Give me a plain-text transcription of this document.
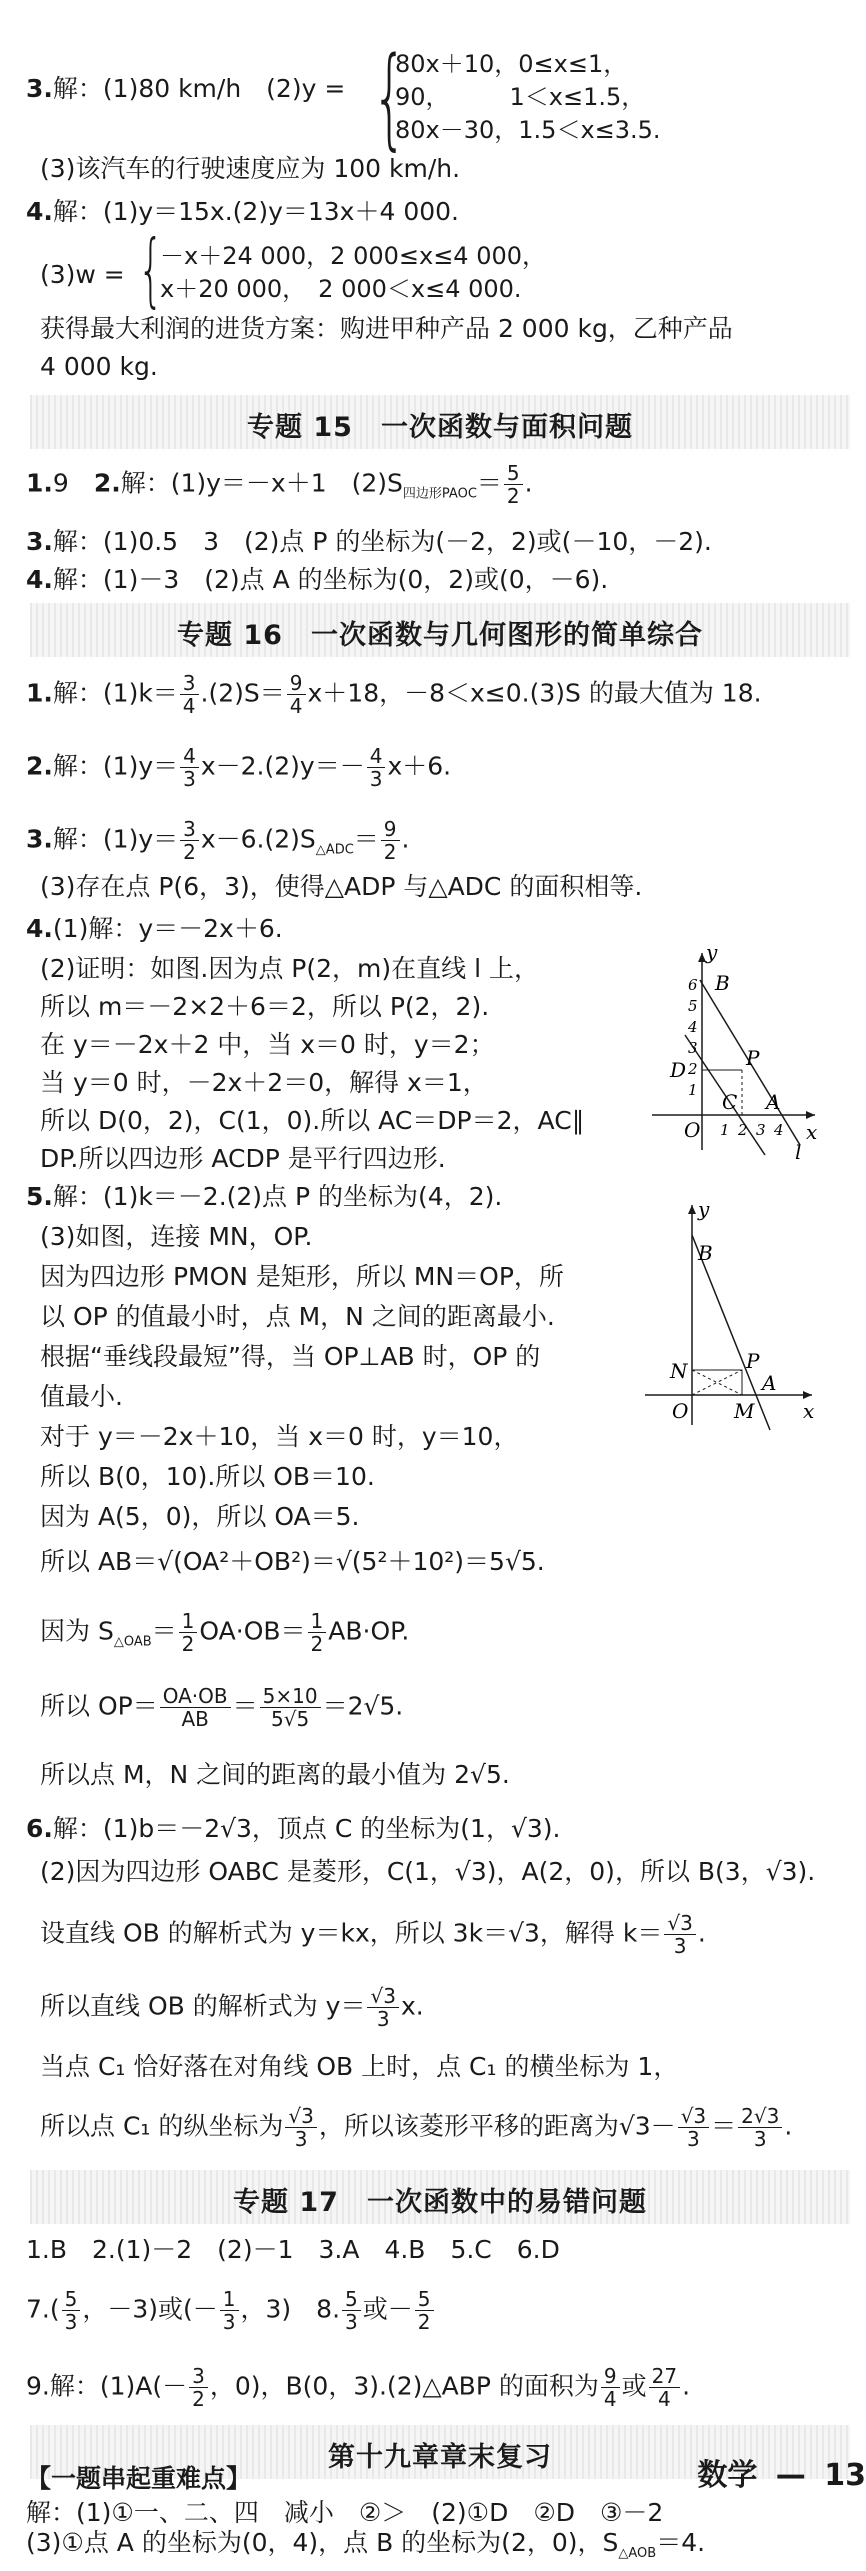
3.解：(1)80 km/h　(2)y = {
80x＋10，0≤x≤1，
90，　　　1＜x≤1.5，
80x－30，1.5＜x≤3.5.
(3)该汽车的行驶速度应为 100 km/h.
4.解：(1)y＝15x.(2)y＝13x＋4 000.
(3)w = {
－x＋24 000，2 000≤x≤4 000，
x＋20 000，　2 000＜x≤4 000.
获得最大利润的进货方案：购进甲种产品 2 000 kg，乙种产品
4 000 kg.
专题 15　一次函数与面积问题
1.9　2.解：(1)y＝－x＋1　$(2)S_{四边形PAOC}= \frac{5}{2}$ .
3.解：(1)0.5　3　(2)点 P 的坐标为(－2，2)或(－10，－2).
4.解：(1)－3　(2)点 A 的坐标为(0，2)或(0，－6).
专题 16　一次函数与几何图形的简单综合
1.解：$(1)k= \frac{3}{4} .(2)S= \frac{9}{4} x+18$，－8＜x≤0.(3)S 的最大值为 18.
2.解：$(1)y= \frac{4}{3} x-2.(2)y=- \frac{4}{3} x+6$.
3.解：$(1)y= \frac{3}{2} x-6.(2)S_{\triangle ADC}= \frac{9}{2}$ .
(3)存在点 P(6，3)，使得△ADP 与△ADC 的面积相等.
4.(1)解：y＝－2x＋6.
(2)证明：如图.因为点 P(2，m)在直线 l 上，
所以 m＝－2×2＋6＝2，所以 P(2，2).
在 y＝－2x＋2 中，当 x＝0 时，y＝2；
当 y＝0 时，－2x＋2＝0，解得 x＝1，
所以 D(0，2)，C(1，0).所以 AC＝DP＝2，AC∥
DP.所以四边形 ACDP 是平行四边形.
y
x
B
P
D
C A
O
l
6
5
4
3
2
1
1 2 3 4
5.解：(1)k＝－2.(2)点 P 的坐标为(4，2).
(3)如图，连接 MN，OP.
因为四边形 PMON 是矩形，所以 MN＝OP，所
以 OP 的值最小时，点 M，N 之间的距离最小.
根据“垂线段最短”得，当 OP⊥AB 时，OP 的
值最小.
对于 y＝－2x＋10，当 x＝0 时，y＝10，
所以 B(0，10).所以 OB＝10.
因为 A(5，0)，所以 OA＝5.
所以 AB＝√(OA²＋OB²)＝√(5²＋10²)＝5√5.
因为 $S_{\triangle OAB}= \frac{1}{2} OA\cdot OB= \frac{1}{2} AB\cdot OP$.
所以 $OP= \frac{OA\cdot OB}{AB} = \frac{5\times 10}{5√5} =2√5$.
所以点 M，N 之间的距离的最小值为 2√5.
y
x
B
N	P
A
O M
6.解：(1)b＝－2√3，顶点 C 的坐标为(1，√3).
(2)因为四边形 OABC 是菱形，C(1，√3)，A(2，0)，所以 B(3，√3).
设直线 OB 的解析式为 y＝kx，所以 3k＝√3，解得 $k= \frac{√3}{3}$ .
所以直线 OB 的解析式为 $y= \frac{√3}{3} x$.
当点 C₁ 恰好落在对角线 OB 上时，点 C₁ 的横坐标为 1，
所以点 C₁ 的纵坐标为 $\frac{√3}{3}$ ，所以该菱形平移的距离为$√3- \frac{√3}{3} = \frac{2√3}{3}$ .
专题 17　一次函数中的易错问题
1.B　2.(1)－2　(2)－1　3.A　4.B　5.C　6.D
$7.( \frac{5}{3}$ ，－3)或(－ $\frac{1}{3}$ ，3)　8. $\frac{5}{3}$ 或－ $\frac{5}{2}$
9.解：$(1)A(- \frac{3}{2}$ ，0)，B(0，3).(2)△ABP 的面积为 $\frac{9}{4}$ 或 $\frac{27}{4}$ .
第十九章章末复习
【一题串起重难点】
解：(1)①一、二、四　减小　②＞　(2)①D　②D　③－2
(3)①点 A 的坐标为(0，4)，点 B 的坐标为(2，0)，$S_{\triangle AOB}=4$.
数学 — 13
